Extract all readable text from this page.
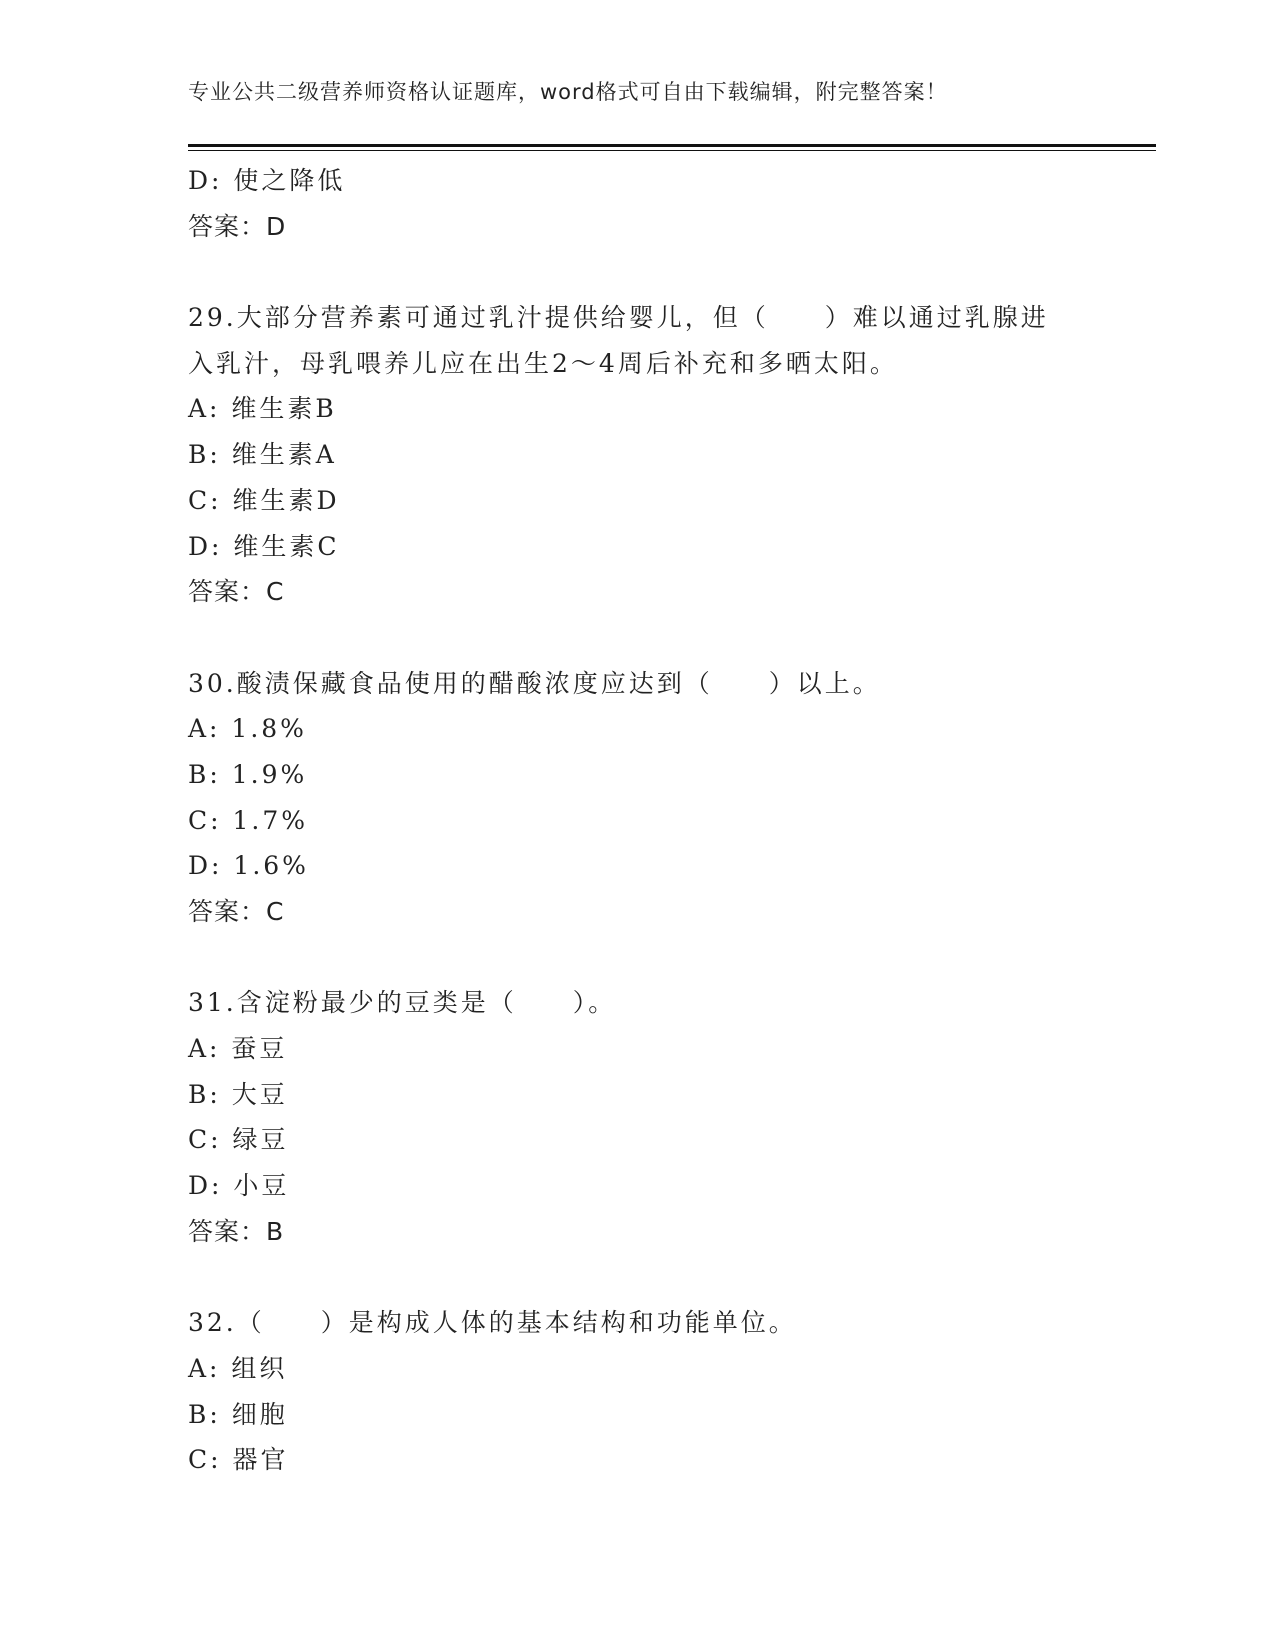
专业公共二级营养师资格认证题库，word格式可自由下载编辑，附完整答案！
D: 使之降低
答案：D
29.大部分营养素可通过乳汁提供给婴儿，但（　　）难以通过乳腺进
入乳汁，母乳喂养儿应在出生2～4周后补充和多晒太阳。
A: 维生素B
B: 维生素A
C: 维生素D
D: 维生素C
答案：C
30.酸渍保藏食品使用的醋酸浓度应达到（　　）以上。
A: 1.8%
B: 1.9%
C: 1.7%
D: 1.6%
答案：C
31.含淀粉最少的豆类是（　　）。
A: 蚕豆
B: 大豆
C: 绿豆
D: 小豆
答案：B
32.（　　）是构成人体的基本结构和功能单位。
A: 组织
B: 细胞
C: 器官
